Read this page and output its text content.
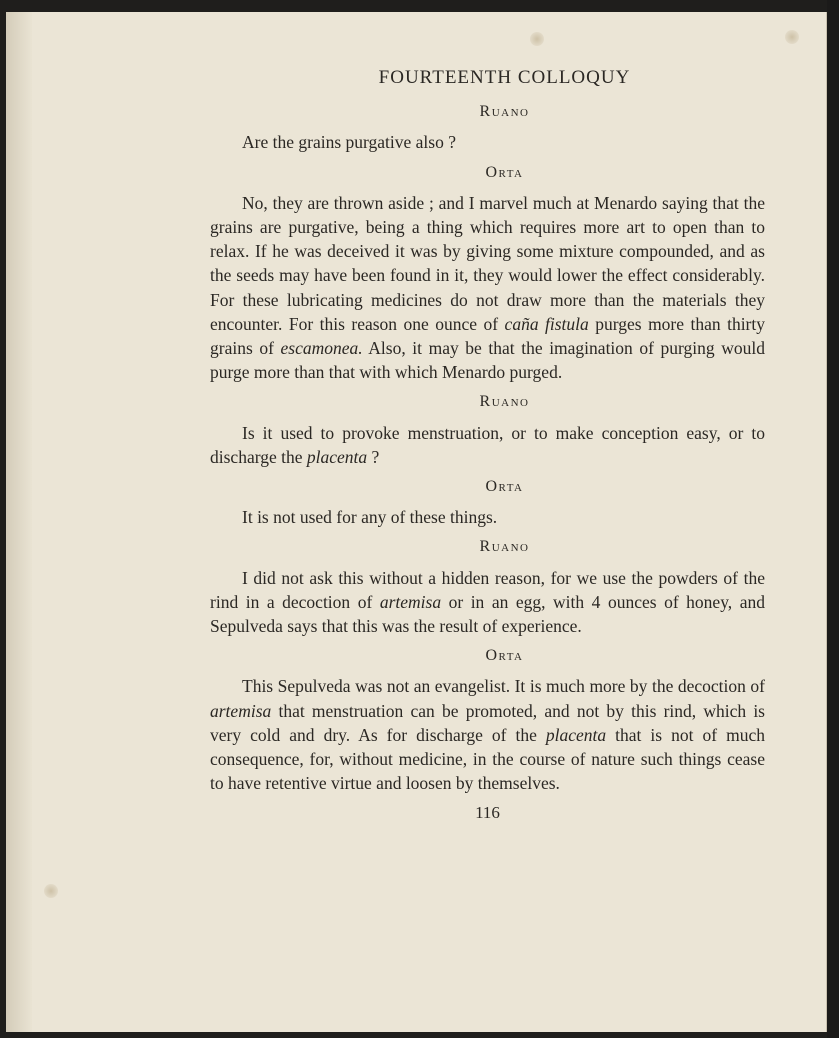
FOURTEENTH COLLOQUY
Ruano

Are the grains purgative also ?

Orta

No, they are thrown aside ; and I marvel much at Menardo saying that the grains are purgative, being a thing which requires more art to open than to relax. If he was deceived it was by giving some mixture compounded, and as the seeds may have been found in it, they would lower the effect considerably. For these lubricating medicines do not draw more than the materials they encounter. For this reason one ounce of caña fistula purges more than thirty grains of escamonea. Also, it may be that the imagination of purging would purge more than that with which Menardo purged.

Ruano

Is it used to provoke menstruation, or to make conception easy, or to discharge the placenta ?

Orta

It is not used for any of these things.

Ruano

I did not ask this without a hidden reason, for we use the powders of the rind in a decoction of artemisa or in an egg, with 4 ounces of honey, and Sepulveda says that this was the result of experience.

Orta

This Sepulveda was not an evangelist. It is much more by the decoction of artemisa that menstruation can be promoted, and not by this rind, which is very cold and dry. As for discharge of the placenta that is not of much consequence, for, without medicine, in the course of nature such things cease to have retentive virtue and loosen by themselves.

116
